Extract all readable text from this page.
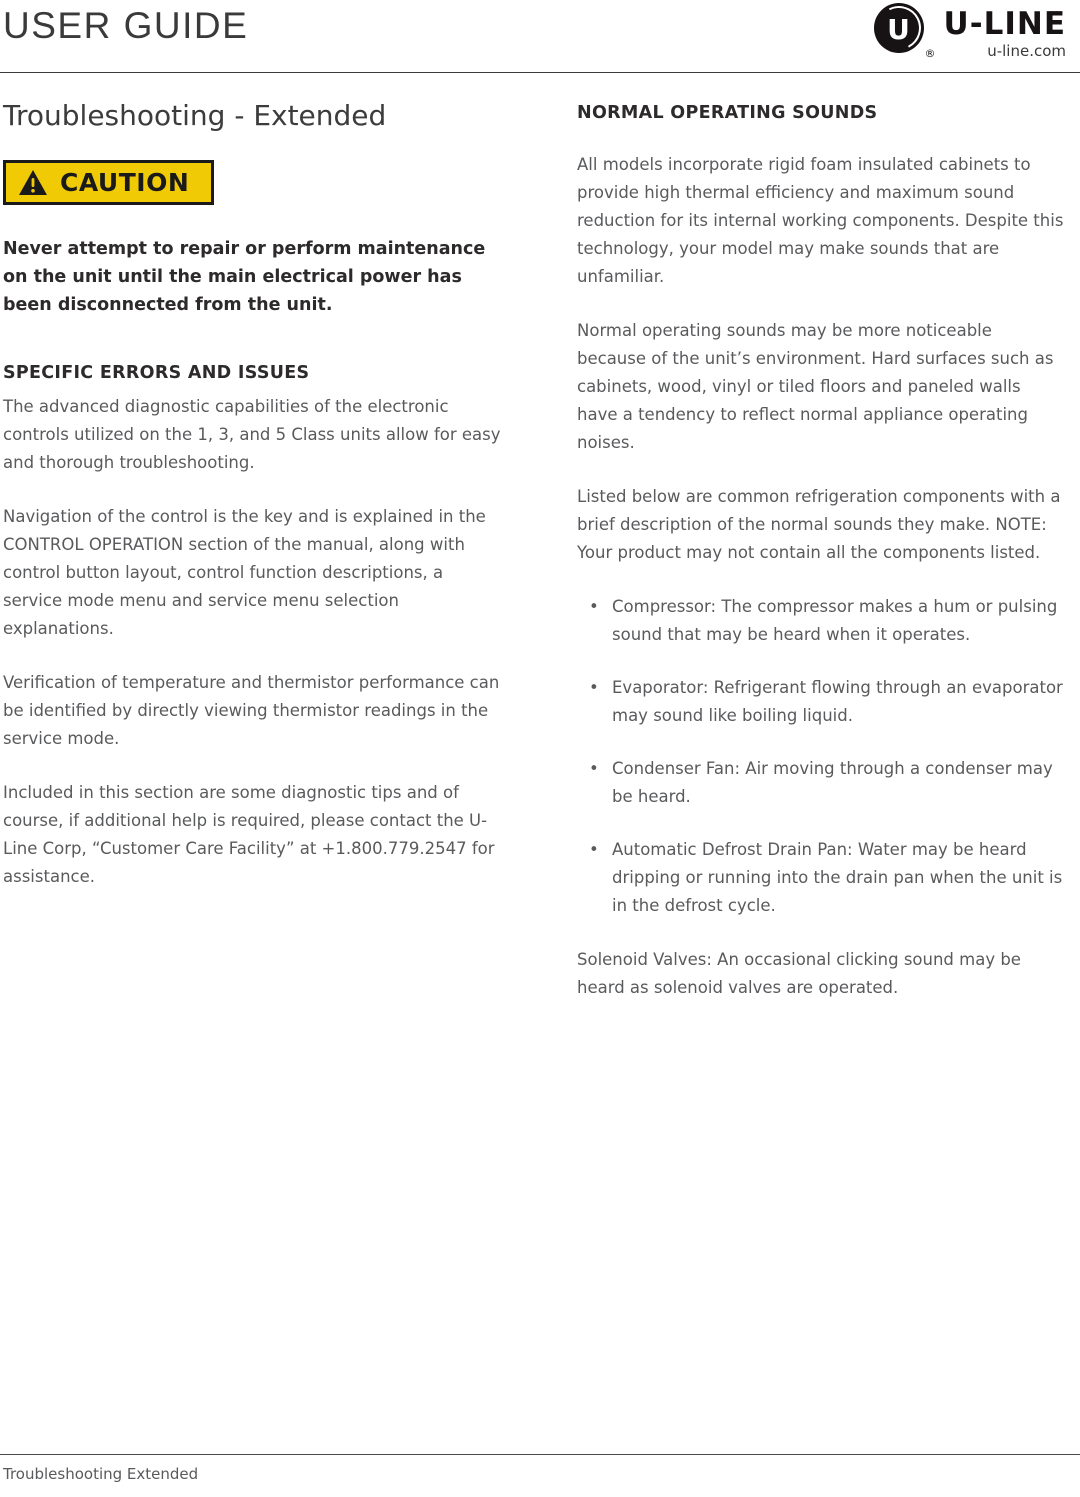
USER GUIDE	U
®
U-LINE
u-line.com
Troubleshooting - Extended
CAUTION

Never attempt to repair or perform maintenance on the unit until the main electrical power has been disconnected from the unit.

SPECIFIC ERRORS AND ISSUES

The advanced diagnostic capabilities of the electronic controls utilized on the 1, 3, and 5 Class units allow for easy and thorough troubleshooting.

Navigation of the control is the key and is explained in the CONTROL OPERATION section of the manual, along with control button layout, control function descriptions, a service mode menu and service menu selection explanations.

Verification of temperature and thermistor performance can be identified by directly viewing thermistor readings in the service mode.

Included in this section are some diagnostic tips and of course, if additional help is required, please contact the U-Line Corp, “Customer Care Facility” at +1.800.779.2547 for assistance.

NORMAL OPERATING SOUNDS

All models incorporate rigid foam insulated cabinets to provide high thermal efficiency and maximum sound reduction for its internal working components. Despite this technology, your model may make sounds that are unfamiliar.

Normal operating sounds may be more noticeable because of the unit’s environment. Hard surfaces such as cabinets, wood, vinyl or tiled floors and paneled walls have a tendency to reflect normal appliance operating noises.

Listed below are common refrigeration components with a brief description of the normal sounds they make. NOTE: Your product may not contain all the components listed.

• Compressor: The compressor makes a hum or pulsing sound that may be heard when it operates.
• Evaporator: Refrigerant flowing through an evaporator may sound like boiling liquid.
• Condenser Fan: Air moving through a condenser may be heard.
• Automatic Defrost Drain Pan: Water may be heard dripping or running into the drain pan when the unit is in the defrost cycle.

Solenoid Valves: An occasional clicking sound may be heard as solenoid valves are operated.

Troubleshooting Extended
